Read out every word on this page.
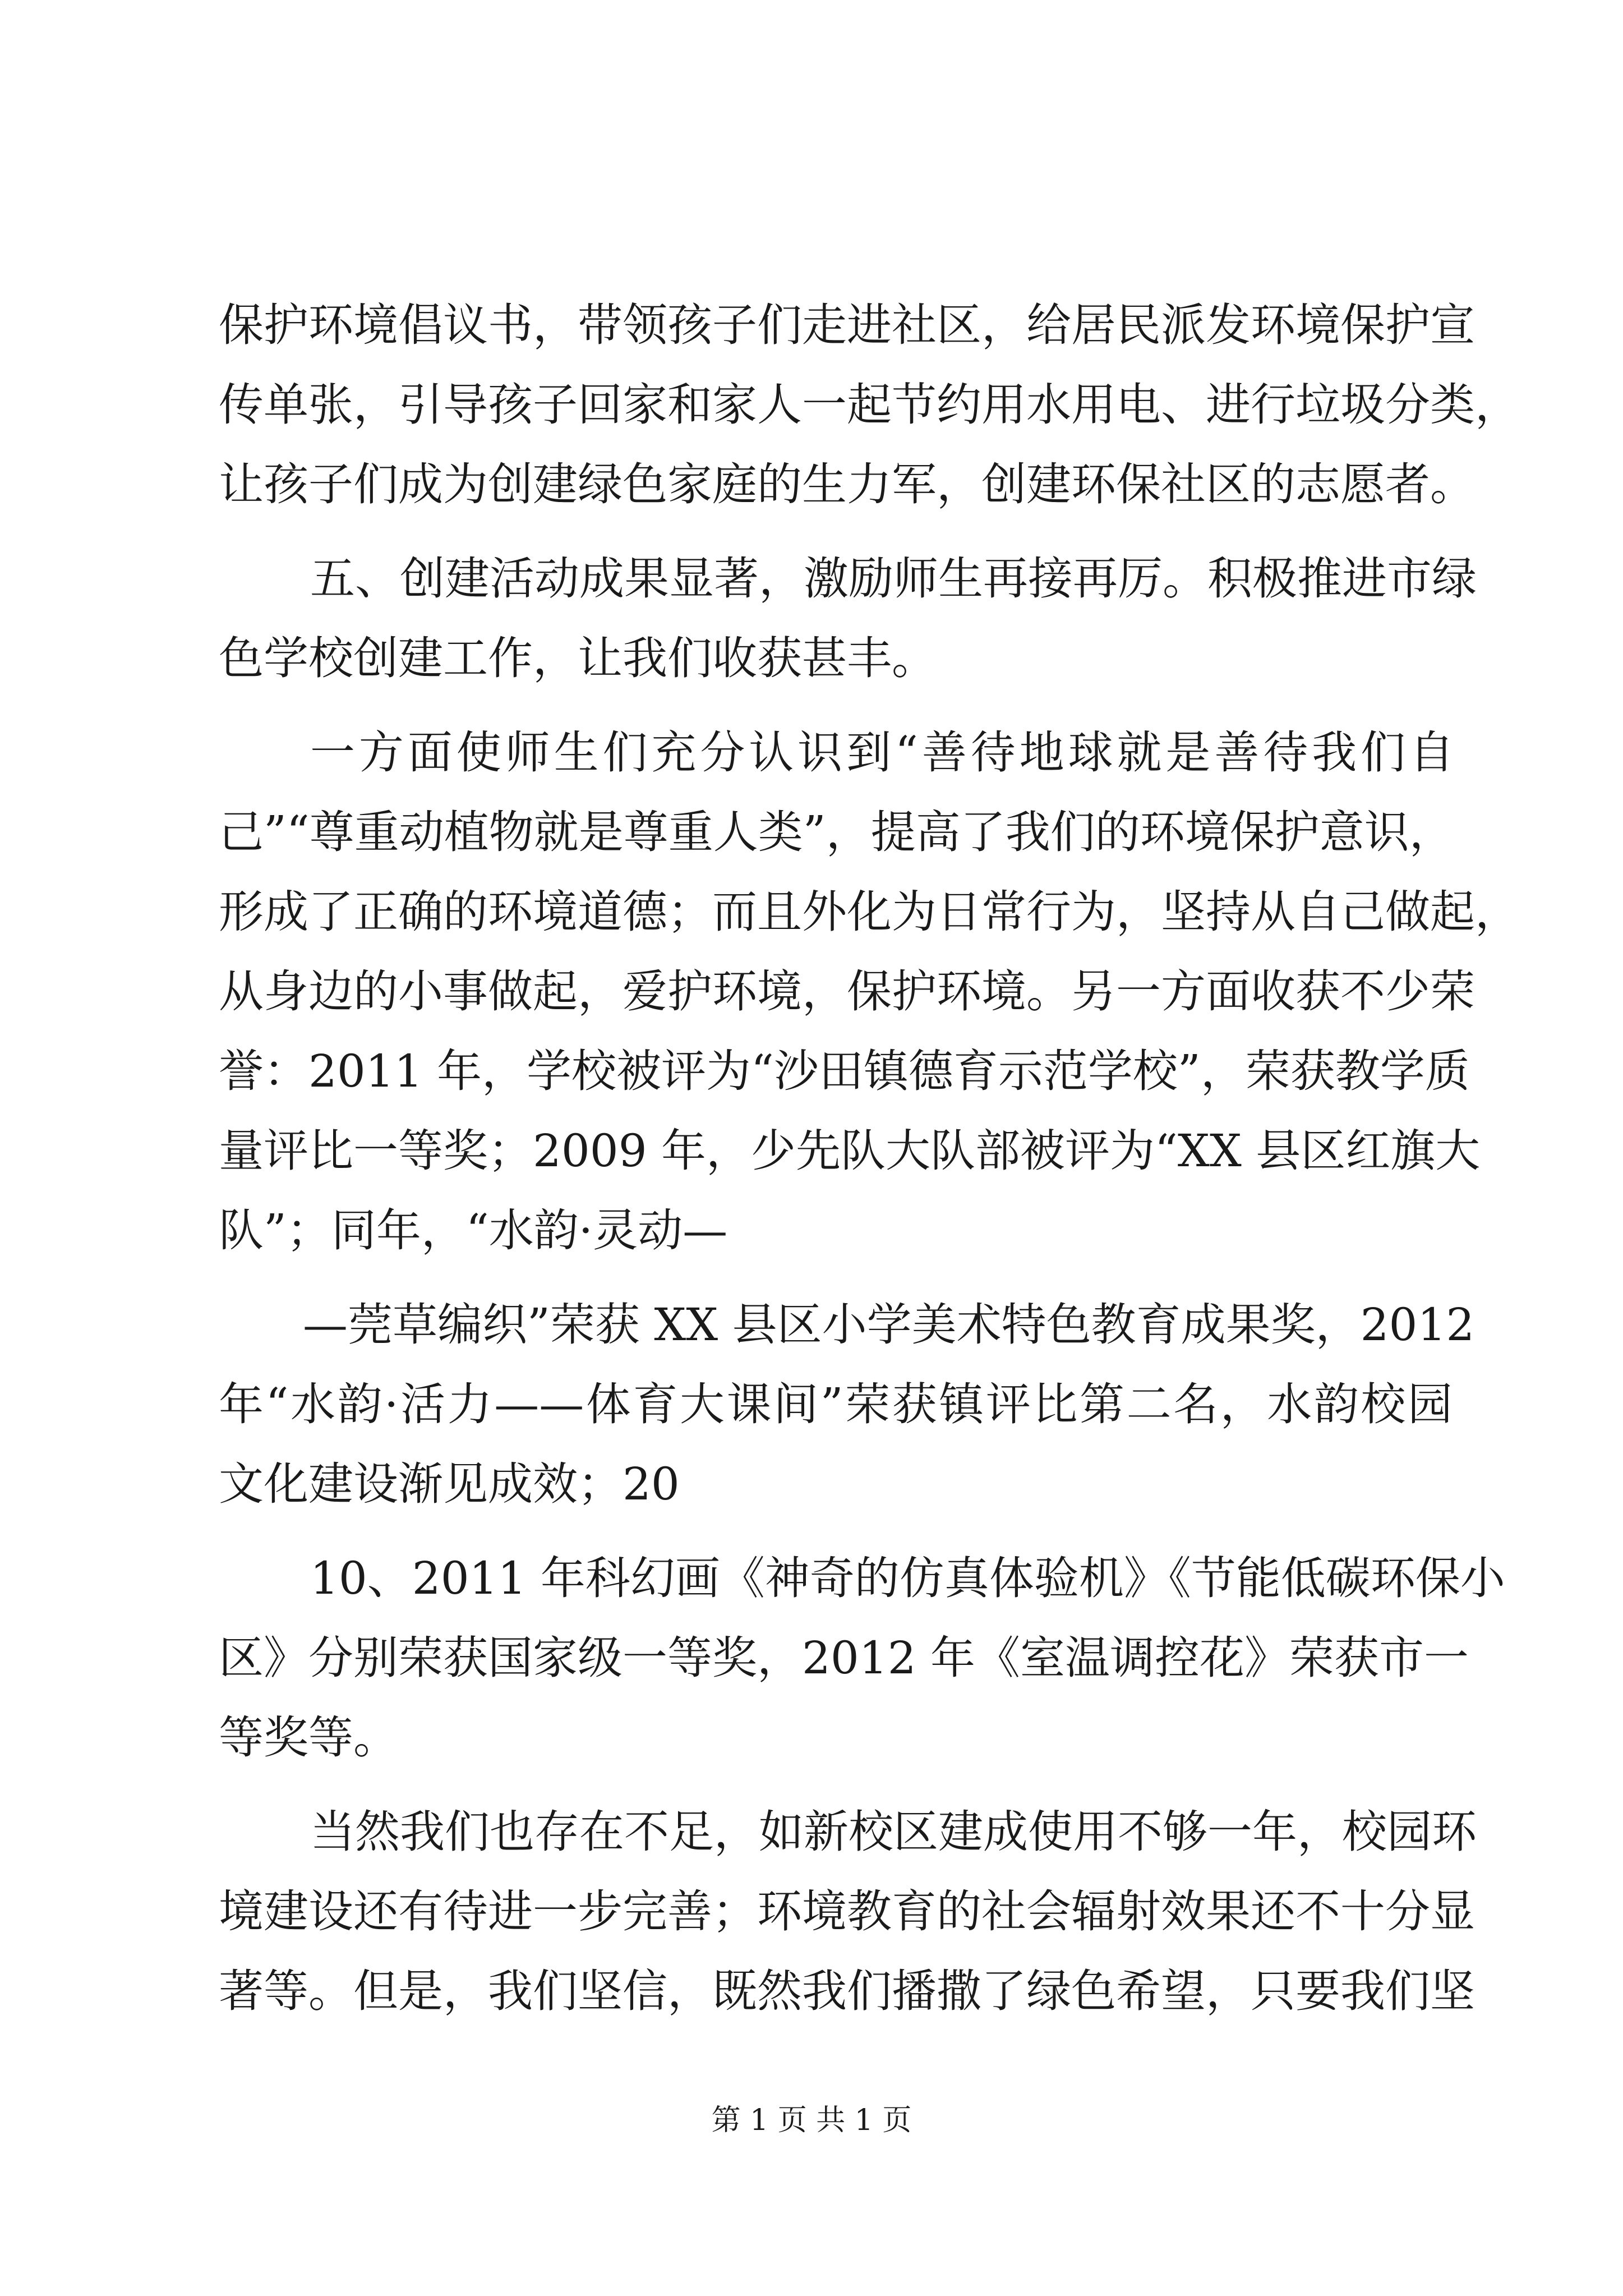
保护环境倡议书，带领孩子们走进社区，给居民派发环境保护宣
传单张，引导孩子回家和家人一起节约用水用电、进行垃圾分类，
让孩子们成为创建绿色家庭的生力军，创建环保社区的志愿者。
五、创建活动成果显著，激励师生再接再厉。积极推进市绿
色学校创建工作，让我们收获甚丰。
一方面使师生们充分认识到“善待地球就是善待我们自
己”“尊重动植物就是尊重人类”，提高了我们的环境保护意识，
形成了正确的环境道德；而且外化为日常行为，坚持从自己做起，
从身边的小事做起，爱护环境，保护环境。另一方面收获不少荣
誉：2011 年，学校被评为“沙田镇德育示范学校”，荣获教学质
量评比一等奖；2009 年，少先队大队部被评为“XX 县区红旗大
队”；同年，“水韵·灵动—
—莞草编织”荣获 XX 县区小学美术特色教育成果奖，2012
年“水韵·活力——体育大课间”荣获镇评比第二名，水韵校园
文化建设渐见成效；20
10、2011 年科幻画《神奇的仿真体验机》《节能低碳环保小
区》分别荣获国家级一等奖，2012 年《室温调控花》荣获市一
等奖等。
当然我们也存在不足，如新校区建成使用不够一年，校园环
境建设还有待进一步完善；环境教育的社会辐射效果还不十分显
著等。但是，我们坚信，既然我们播撒了绿色希望，只要我们坚
第 1 页 共 1 页
